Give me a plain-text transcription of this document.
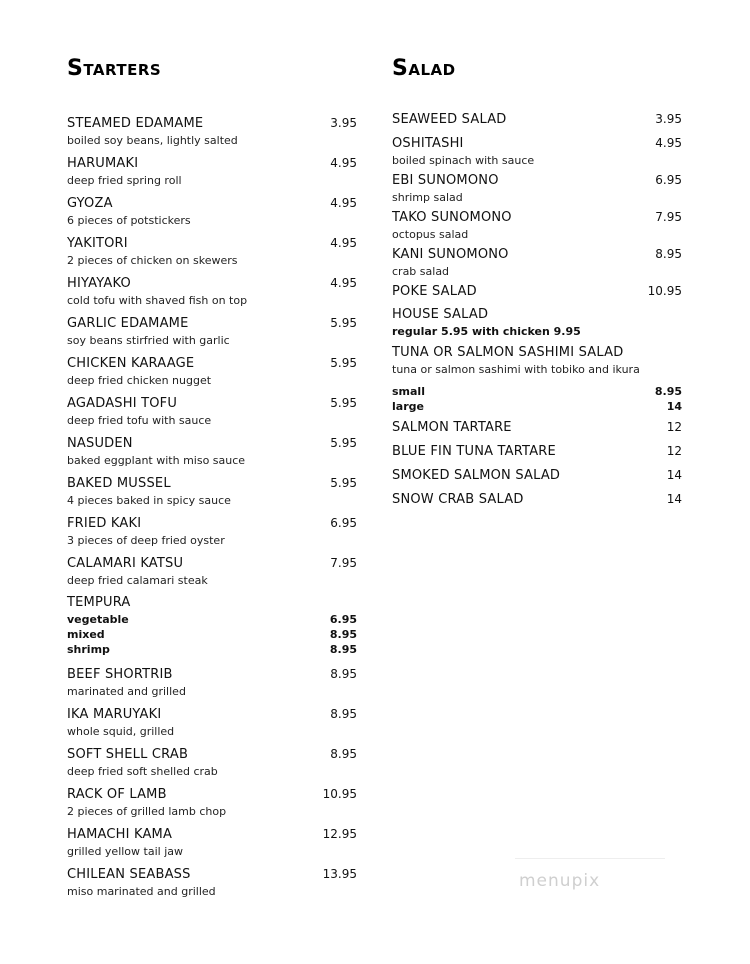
Starters
STEAMED EDAMAME	3.95
boiled soy beans, lightly salted
HARUMAKI	4.95
deep fried spring roll
GYOZA	4.95
6 pieces of potstickers
YAKITORI	4.95
2 pieces of chicken on skewers
HIYAYAKO	4.95
cold tofu with shaved fish on top
GARLIC EDAMAME	5.95
soy beans stirfried with garlic
CHICKEN KARAAGE	5.95
deep fried chicken nugget
AGADASHI TOFU	5.95
deep fried tofu with sauce
NASUDEN	5.95
baked eggplant with miso sauce
BAKED MUSSEL	5.95
4 pieces baked in spicy sauce
FRIED KAKI	6.95
3 pieces of deep fried oyster
CALAMARI KATSU	7.95
deep fried calamari steak
TEMPURA
vegetable	6.95
mixed	8.95
shrimp	8.95
BEEF SHORTRIB	8.95
marinated and grilled
IKA MARUYAKI	8.95
whole squid, grilled
SOFT SHELL CRAB	8.95
deep fried soft shelled crab
RACK OF LAMB	10.95
2 pieces of grilled lamb chop
HAMACHI KAMA	12.95
grilled yellow tail jaw
CHILEAN SEABASS	13.95
miso marinated and grilled
Salad
SEAWEED SALAD	3.95
OSHITASHI	4.95
boiled spinach with sauce
EBI SUNOMONO	6.95
shrimp salad
TAKO SUNOMONO	7.95
octopus salad
KANI SUNOMONO	8.95
crab salad
POKE SALAD	10.95
HOUSE SALAD
regular 5.95 with chicken 9.95
TUNA OR SALMON SASHIMI SALAD
tuna or salmon sashimi with tobiko and ikura
small	8.95
large	14
SALMON TARTARE	12
BLUE FIN TUNA TARTARE	12
SMOKED SALMON SALAD	14
SNOW CRAB SALAD	14
menupix
